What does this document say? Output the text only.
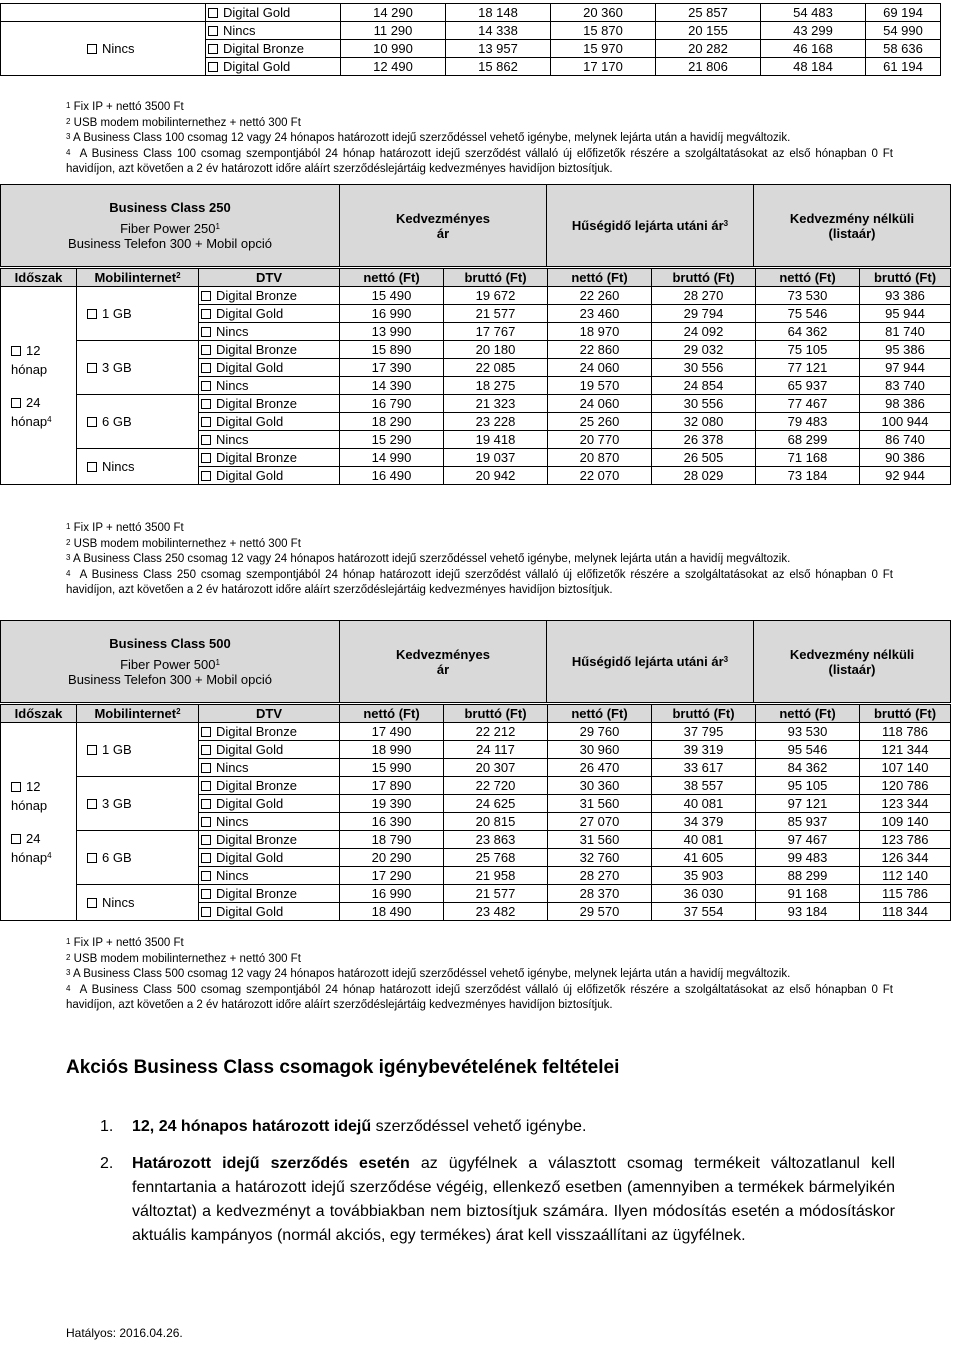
	Digital Gold	14 290	18 148	20 360	25 857	54 483	69 194
Nincs	Nincs	11 290	14 338	15 870	20 155	43 299	54 990
	Digital Bronze	10 990	13 957	15 970	20 282	46 168	58 636
	Digital Gold	12 490	15 862	17 170	21 806	48 184	61 194

$^1$ Fix IP + nettó 3500 Ft

$^2$ USB modem mobilinternethez + nettó 300 Ft

$^3$ A Business Class 100 csomag 12 vagy 24 hónapos határozott idejű szerződéssel vehető igénybe, melynek lejárta után a havidíj megváltozik.

$^4$ A Business Class 100 csomag szempontjából 24 hónap határozott idejű szerződést vállaló új előfizetők részére a szolgáltatásokat az első hónapban 0 Ft havidíjon, azt követően a 2 év határozott időre aláírt szerződéslejártáig kedvezményes havidíjon biztosítjuk.

Business Class 250
Fiber Power $250^1$
Business Telefon 300 + Mobil opció

Kedvezményes
ár	Hűségidő lejárta utáni $ár^3$	Kedvezmény nélküli
(listaár)
Időszak	Mobilinternet$^2$	DTV	nettó (Ft)	bruttó (Ft)	nettó (Ft)	bruttó (Ft)	nettó (Ft)	bruttó (Ft)

12
hónap
24
hónap$^4$	1 GB	Digital Bronze	15 490	19 672	22 260	28 270	73 530	93 386
		Digital Gold	16 990	21 577	23 460	29 794	75 546	95 944
		Nincs	13 990	17 767	18 970	24 092	64 362	81 740
	3 GB	Digital Bronze	15 890	20 180	22 860	29 032	75 105	95 386
		Digital Gold	17 390	22 085	24 060	30 556	77 121	97 944
		Nincs	14 390	18 275	19 570	24 854	65 937	83 740
	6 GB	Digital Bronze	16 790	21 323	24 060	30 556	77 467	98 386
		Digital Gold	18 290	23 228	25 260	32 080	79 483	100 944
		Nincs	15 290	19 418	20 770	26 378	68 299	86 740
	Nincs	Digital Bronze	14 990	19 037	20 870	26 505	71 168	90 386
		Digital Gold	16 490	20 942	22 070	28 029	73 184	92 944

$^1$ Fix IP + nettó 3500 Ft

$^2$ USB modem mobilinternethez + nettó 300 Ft

$^3$ A Business Class 250 csomag 12 vagy 24 hónapos határozott idejű szerződéssel vehető igénybe, melynek lejárta után a havidíj megváltozik.

$^4$ A Business Class 250 csomag szempontjából 24 hónap határozott idejű szerződést vállaló új előfizetők részére a szolgáltatásokat az első hónapban 0 Ft havidíjon, azt követően a 2 év határozott időre aláírt szerződéslejártáig kedvezményes havidíjon biztosítjuk.

Business Class 500
Fiber Power $500^1$
Business Telefon 300 + Mobil opció

Kedvezményes
ár	Hűségidő lejárta utáni $ár^3$	Kedvezmény nélküli
(listaár)
Időszak	Mobilinternet$^2$	DTV	nettó (Ft)	bruttó (Ft)	nettó (Ft)	bruttó (Ft)	nettó (Ft)	bruttó (Ft)

12
hónap
24
hónap$^4$	1 GB	Digital Bronze	17 490	22 212	29 760	37 795	93 530	118 786
		Digital Gold	18 990	24 117	30 960	39 319	95 546	121 344
		Nincs	15 990	20 307	26 470	33 617	84 362	107 140
	3 GB	Digital Bronze	17 890	22 720	30 360	38 557	95 105	120 786
		Digital Gold	19 390	24 625	31 560	40 081	97 121	123 344
		Nincs	16 390	20 815	27 070	34 379	85 937	109 140
	6 GB	Digital Bronze	18 790	23 863	31 560	40 081	97 467	123 786
		Digital Gold	20 290	25 768	32 760	41 605	99 483	126 344
		Nincs	17 290	21 958	28 270	35 903	88 299	112 140
	Nincs	Digital Bronze	16 990	21 577	28 370	36 030	91 168	115 786
		Digital Gold	18 490	23 482	29 570	37 554	93 184	118 344

$^1$ Fix IP + nettó 3500 Ft

$^2$ USB modem mobilinternethez + nettó 300 Ft

$^3$ A Business Class 500 csomag 12 vagy 24 hónapos határozott idejű szerződéssel vehető igénybe, melynek lejárta után a havidíj megváltozik.

$^4$ A Business Class 500 csomag szempontjából 24 hónap határozott idejű szerződést vállaló új előfizetők részére a szolgáltatásokat az első hónapban 0 Ft havidíjon, azt követően a 2 év határozott időre aláírt szerződéslejártáig kedvezményes havidíjon biztosítjuk.

Akciós Business Class csomagok igénybevételének feltételei
1. 12, 24 hónapos határozott idejű szerződéssel vehető igénybe.
2. Határozott idejű szerződés esetén az ügyfélnek a választott csomag termékeit változatlanul kell fenntartania a határozott idejű szerződése végéig, ellenkező esetben (amennyiben a termékek bármelyikén változtat) a kedvezményt a továbbiakban nem biztosítjuk számára. Ilyen módosítás esetén a módosításkor aktuális kampányos (normál akciós, egy termékes) árat kell visszaállítani az ügyfélnek.
Hatályos: 2016.04.26.
